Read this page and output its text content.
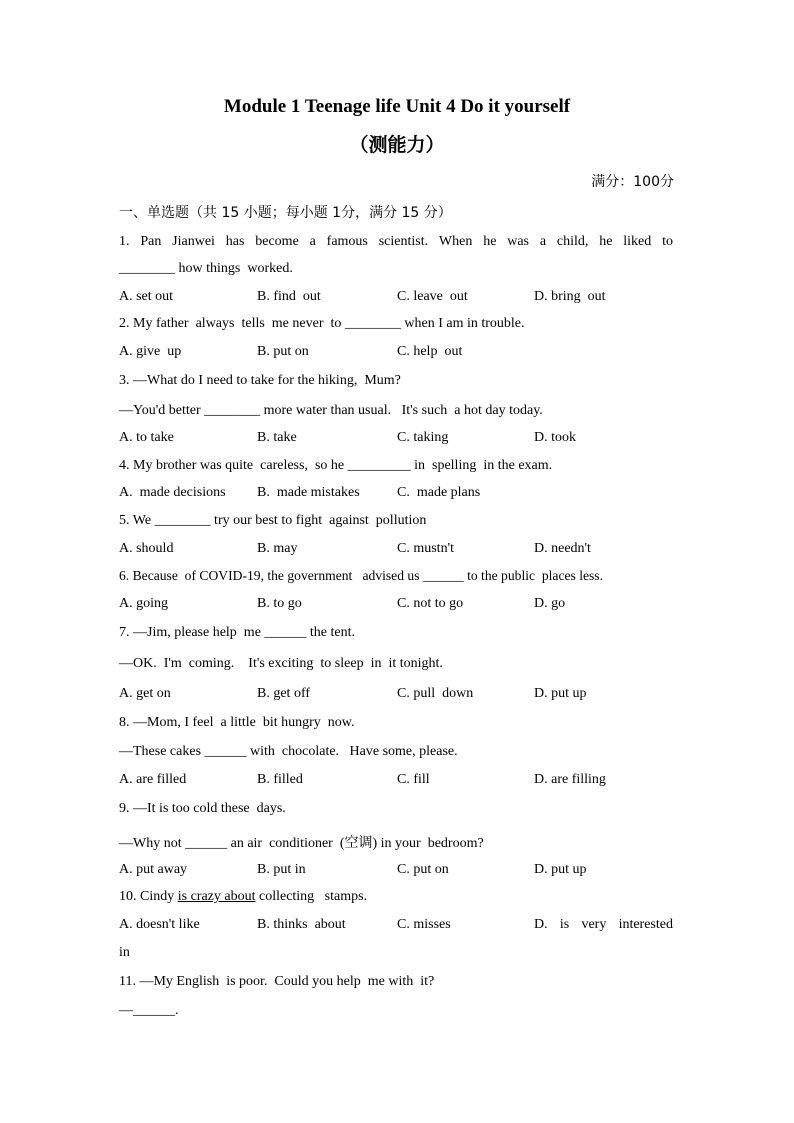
Module 1 Teenage life Unit 4 Do it yourself
（测能力）
满分：100分
一、单选题（共 15 小题；每小题 1分，满分 15 分）
1. Pan Jianwei has become a famous scientist. When he was a child, he liked to
________ how things  worked.
A. set out	B. find  out	C. leave  out	D. bring  out
2. My father  always  tells  me never  to ________ when I am in trouble.
A. give  up	B. put on	C. help  out
3. —What do I need to take for the hiking,  Mum?
—You'd better ________ more water than usual.   It's such  a hot day today.
A. to take	B. take	C. taking	D. took
4. My brother was quite  careless,  so he _________ in  spelling  in the exam.
A.  made decisions B.  made mistakes	C.  made plans
5. We ________ try our best to fight  against  pollution
A. should	B. may	C. mustn't	D. needn't
6. Because  of COVID-19, the government   advised us ______ to the public  places less.
A. going	B. to go	C. not to go	D. go
7. —Jim, please help  me ______ the tent.
—OK.  I'm  coming.    It's exciting  to sleep  in  it tonight.
A. get on	B. get off	C. pull  down	D. put up
8. —Mom, I feel  a little  bit hungry  now.
—These cakes ______ with  chocolate.   Have some, please.
A. are filled	B. filled	C. fill	D. are filling
9. —It is too cold these  days.
—Why not ______ an air  conditioner  (空调) in your  bedroom?
A. put away	B. put in	C. put on	D. put up
10. Cindy is crazy about collecting   stamps.
A. doesn't like	B. thinks  about	C. misses	D. is very interested
in
11. —My English  is poor.  Could you help  me with  it?
—______.
